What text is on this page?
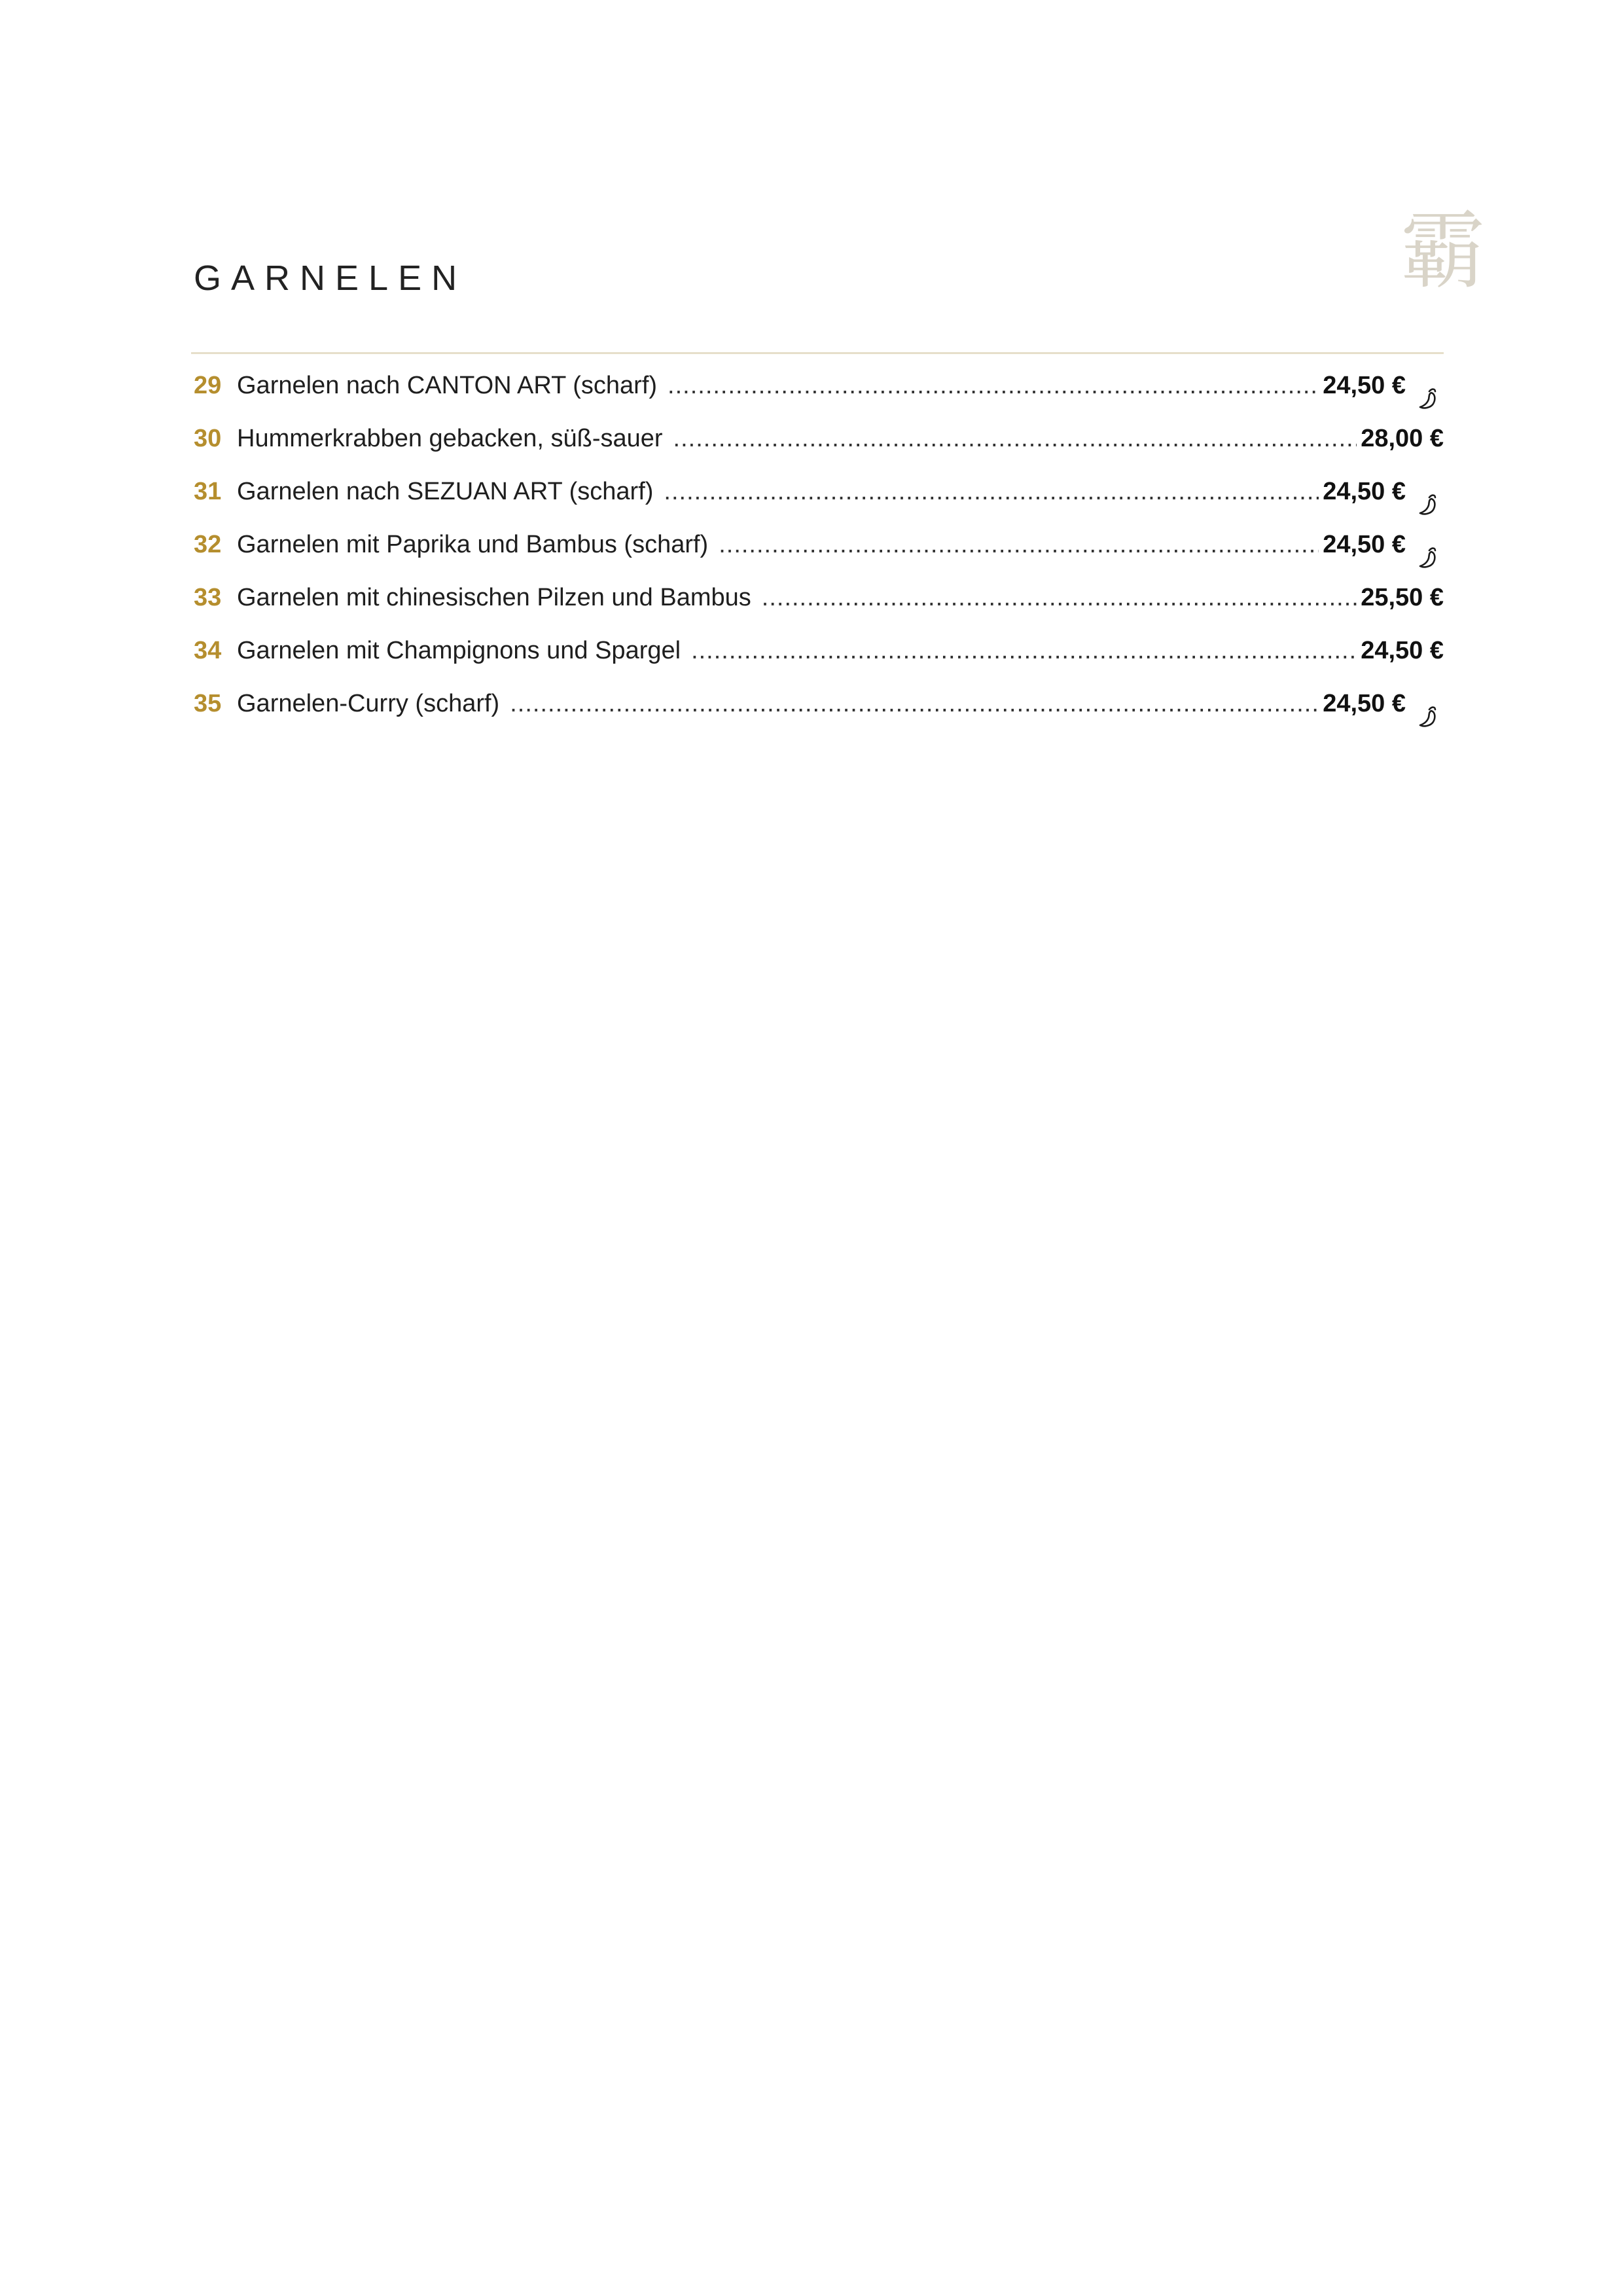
GARNELEN	霸
29 Garnelen nach CANTON ART (scharf) .....	24,50 €
30 Hummerkrabben gebacken, süß-sauer .....	28,00 €
31 Garnelen nach SEZUAN ART (scharf) .....	24,50 €
32 Garnelen mit Paprika und Bambus (scharf) .....	24,50 €
33 Garnelen mit chinesischen Pilzen und Bambus .....	25,50 €
34 Garnelen mit Champignons und Spargel .....	24,50 €
35 Garnelen-Curry (scharf) .....	24,50 €
